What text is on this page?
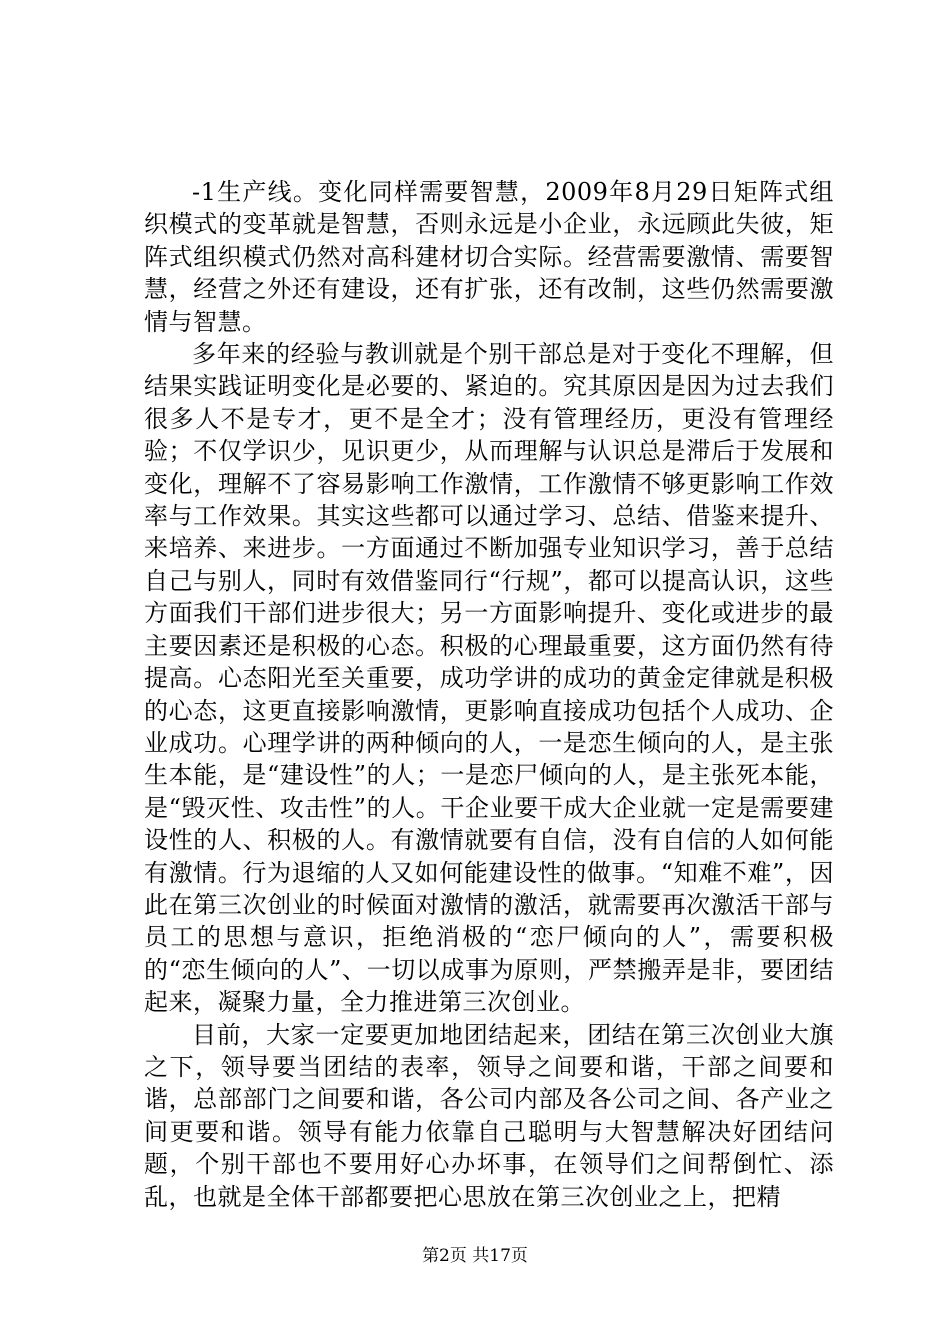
-1生产线。变化同样需要智慧，2009年8月29日矩阵式组织模式的变革就是智慧，否则永远是小企业，永远顾此失彼，矩阵式组织模式仍然对高科建材切合实际。经营需要激情、需要智慧，经营之外还有建设，还有扩张，还有改制，这些仍然需要激情与智慧。

多年来的经验与教训就是个别干部总是对于变化不理解，但结果实践证明变化是必要的、紧迫的。究其原因是因为过去我们很多人不是专才，更不是全才；没有管理经历，更没有管理经验；不仅学识少，见识更少，从而理解与认识总是滞后于发展和变化，理解不了容易影响工作激情，工作激情不够更影响工作效率与工作效果。其实这些都可以通过学习、总结、借鉴来提升、来培养、来进步。一方面通过不断加强专业知识学习，善于总结自己与别人，同时有效借鉴同行“行规”，都可以提高认识，这些方面我们干部们进步很大；另一方面影响提升、变化或进步的最主要因素还是积极的心态。积极的心理最重要，这方面仍然有待提高。心态阳光至关重要，成功学讲的成功的黄金定律就是积极的心态，这更直接影响激情，更影响直接成功包括个人成功、企业成功。心理学讲的两种倾向的人，一是恋生倾向的人，是主张生本能，是“建设性”的人；一是恋尸倾向的人，是主张死本能，是“毁灭性、攻击性”的人。干企业要干成大企业就一定是需要建设性的人、积极的人。有激情就要有自信，没有自信的人如何能有激情。行为退缩的人又如何能建设性的做事。“知难不难”，因此在第三次创业的时候面对激情的激活，就需要再次激活干部与员工的思想与意识，拒绝消极的“恋尸倾向的人”，需要积极的“恋生倾向的人”、一切以成事为原则，严禁搬弄是非，要团结起来，凝聚力量，全力推进第三次创业。

目前，大家一定要更加地团结起来，团结在第三次创业大旗之下，领导要当团结的表率，领导之间要和谐，干部之间要和谐，总部部门之间要和谐，各公司内部及各公司之间、各产业之间更要和谐。领导有能力依靠自己聪明与大智慧解决好团结问题，个别干部也不要用好心办坏事，在领导们之间帮倒忙、添乱，也就是全体干部都要把心思放在第三次创业之上，把精

第2页 共17页
